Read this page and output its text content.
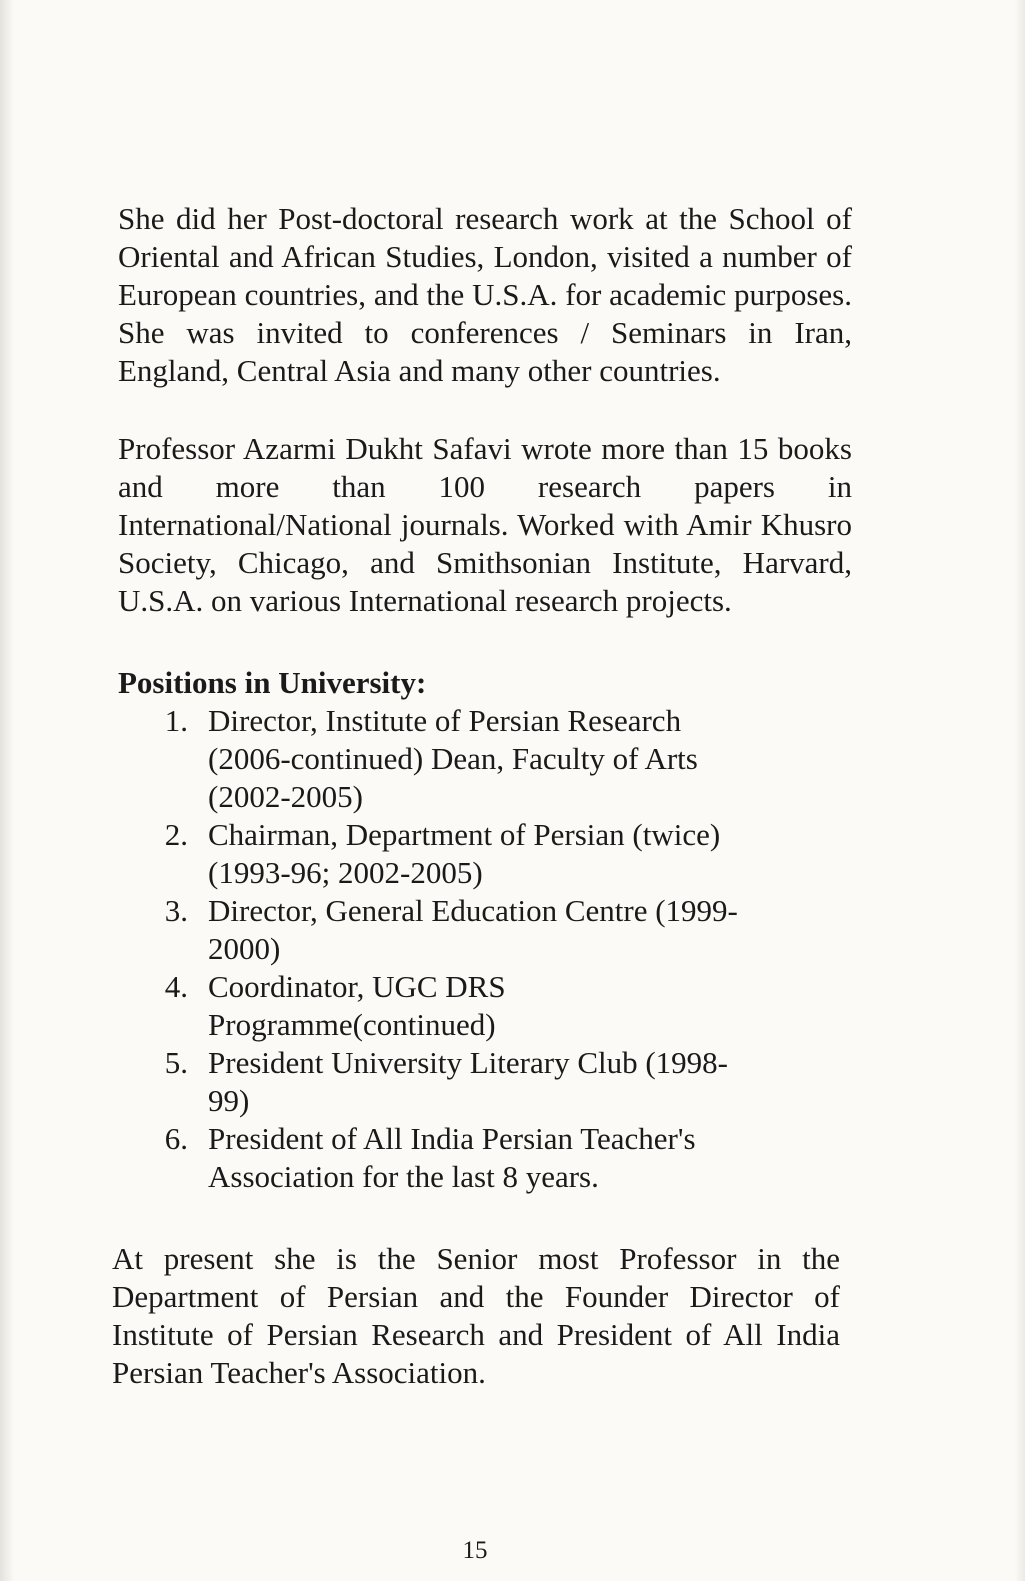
She did her Post-doctoral research work at the School of Oriental and African Studies, London, visited a number of European countries, and the U.S.A. for academic purposes. She was invited to conferences / Seminars in Iran, England, Central Asia and many other countries.

Professor Azarmi Dukht Safavi wrote more than 15 books and more than 100 research papers in International/National journals. Worked with Amir Khusro Society, Chicago, and Smithsonian Institute, Harvard, U.S.A. on various International research projects.

Positions in University:
1. Director, Institute of Persian Research (2006-continued) Dean, Faculty of Arts (2002-2005)
2. Chairman, Department of Persian (twice) (1993-96; 2002-2005)
3. Director, General Education Centre (1999-2000)
4. Coordinator, UGC DRS Programme(continued)
5. President University Literary Club (1998-99)
6. President of All India Persian Teacher's Association for the last 8 years.

At present she is the Senior most Professor in the Department of Persian and the Founder Director of Institute of Persian Research and President of All India Persian Teacher's Association.

15
